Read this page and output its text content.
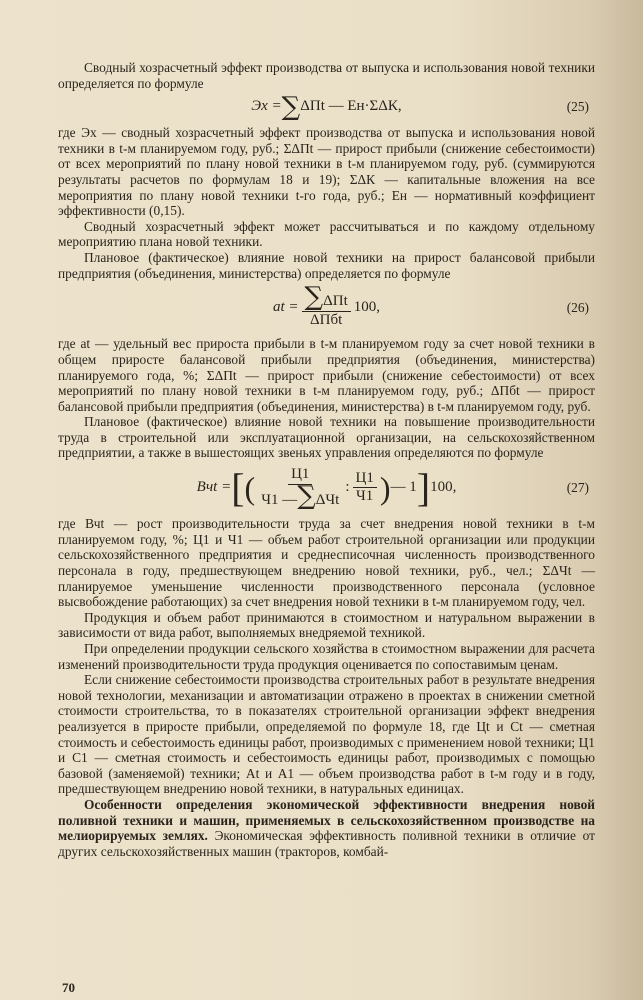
Сводный хозрасчетный эффект производства от выпуска и использования новой техники определяется по формуле

Эх = ∑ ΔПt — Ен·ΣΔК,	(25)

где Эх — сводный хозрасчетный эффект производства от выпуска и использования новой техники в t-м планируемом году, руб.; ΣΔПt — прирост прибыли (снижение себестоимости) от всех мероприятий по плану новой техники в t-м планируемом году, руб. (суммируются результаты расчетов по формулам 18 и 19); ΣΔК — капитальные вложения на все мероприятия по плану новой техники t-го года, руб.; Ен — нормативный коэффициент эффективности (0,15).

Сводный хозрасчетный эффект может рассчитываться и по каждому отдельному мероприятию плана новой техники.

Плановое (фактическое) влияние новой техники на прирост балансовой прибыли предприятия (объединения, министерства) определяется по формуле

at = $\frac{\text{∑ΔПt}}{\text{ΔПбt}} 100$,	(26)

где at — удельный вес прироста прибыли в t-м планируемом году за счет новой техники в общем приросте балансовой прибыли предприятия (объединения, министерства) планируемого года, %; ΣΔПt — прирост прибыли (снижение себестоимости) от всех мероприятий по плану новой техники в t-м планируемом году, руб.; ΔПбt — прирост балансовой прибыли предприятия (объединения, министерства) в t-м планируемом году, руб.

Плановое (фактическое) влияние новой техники на повышение производительности труда в строительной или эксплуатационной организации, на сельскохозяйственном предприятии, а также в вышестоящих звеньях управления определяются по формуле

Вчt = [ ( $\frac{Ц1}{\text{Ч1 —∑ΔЧt}}$ : $\frac{Ц1}{Ч1}$ ) — 1 ] 100,	(27)

где Вчt — рост производительности труда за счет внедрения новой техники в t-м планируемом году, %; Ц1 и Ч1 — объем работ строительной организации или продукции сельскохозяйственного предприятия и среднесписочная численность производственного персонала в году, предшествующем внедрению новой техники, руб., чел.; ΣΔЧt — планируемое уменьшение численности производственного персонала (условное высвобождение работающих) за счет внедрения новой техники в t-м планируемом году, чел.

Продукция и объем работ принимаются в стоимостном и натуральном выражении в зависимости от вида работ, выполняемых внедряемой техникой.

При определении продукции сельского хозяйства в стоимостном выражении для расчета изменений производительности труда продукция оценивается по сопоставимым ценам.

Если снижение себестоимости производства строительных работ в результате внедрения новой технологии, механизации и автоматизации отражено в проектах в снижении сметной стоимости строительства, то в показателях строительной организации эффект внедрения реализуется в приросте прибыли, определяемой по формуле 18, где Цt и Сt — сметная стоимость и себестоимость единицы работ, производимых с применением новой техники; Ц1 и С1 — сметная стоимость и себестоимость единицы работ, производимых с помощью базовой (заменяемой) техники; At и A1 — объем производства работ в t-м году и в году, предшествующем внедрению новой техники, в натуральных единицах.

Особенности определения экономической эффективности внедрения новой поливной техники и машин, применяемых в сельскохозяйственном производстве на мелиорируемых землях. Экономическая эффективность поливной техники в отличие от других сельскохозяйственных машин (тракторов, комбай-

70
